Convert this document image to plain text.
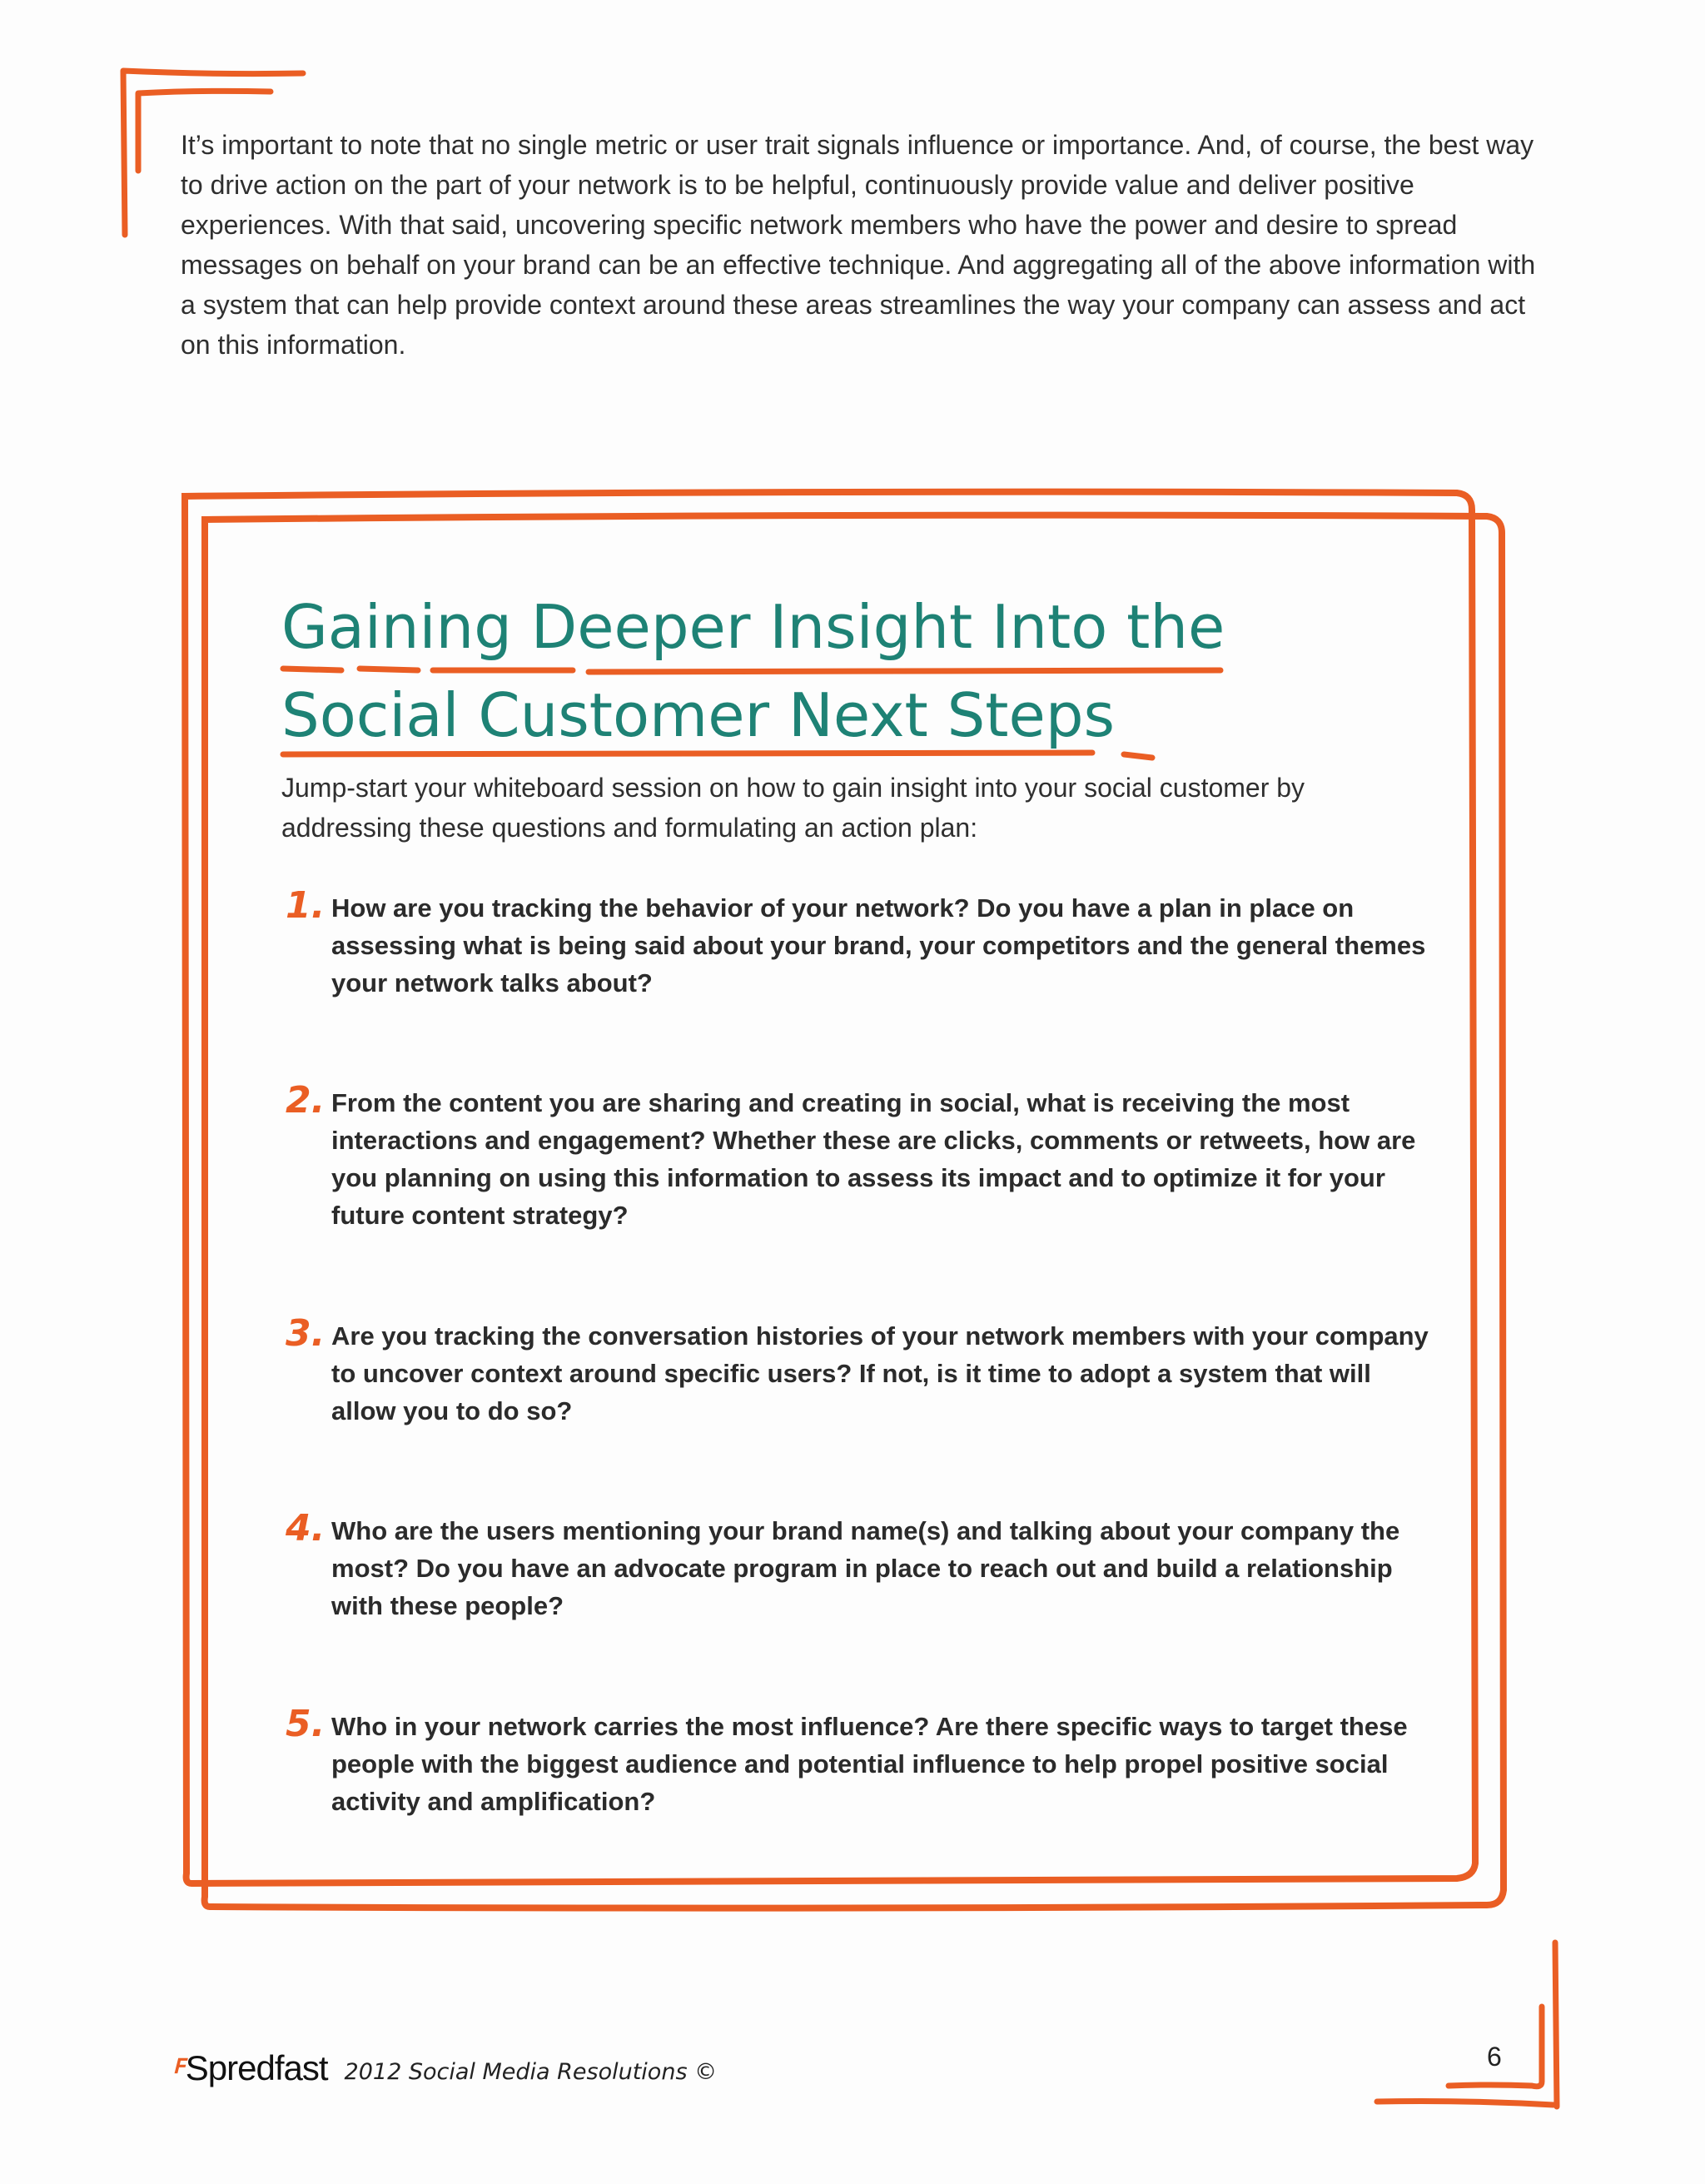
It’s important to note that no single metric or user trait signals influence or importance. And, of course, the best way to drive action on the part of your network is to be helpful, continuously provide value and deliver positive experiences. With that said, uncovering specific network members who have the power and desire to spread messages on behalf on your brand can be an effective technique. And aggregating all of the above information with a system that can help provide context around these areas streamlines the way your company can assess and act on this information.
Gaining Deeper Insight Into the
Social Customer Next Steps
Jump-start your whiteboard session on how to gain insight into your social customer by addressing these questions and formulating an action plan:
1. How are you tracking the behavior of your network? Do you have a plan in place on assessing what is being said about your brand, your competitors and the general themes your network talks about?
2. From the content you are sharing and creating in social, what is receiving the most interactions and engagement? Whether these are clicks, comments or retweets, how are you planning on using this information to assess its impact and to optimize it for your future content strategy?
3. Are you tracking the conversation histories of your network members with your company to uncover context around specific users? If not, is it time to adopt a system that will allow you to do so?
4. Who are the users mentioning your brand name(s) and talking about your company the most? Do you have an advocate program in place to reach out and build a relationship with these people?
5. Who in your network carries the most influence? Are there specific ways to target these people with the biggest audience and potential influence to help propel positive social activity and amplification?
ꟳ Spredfast 2012 Social Media Resolutions ©
6
